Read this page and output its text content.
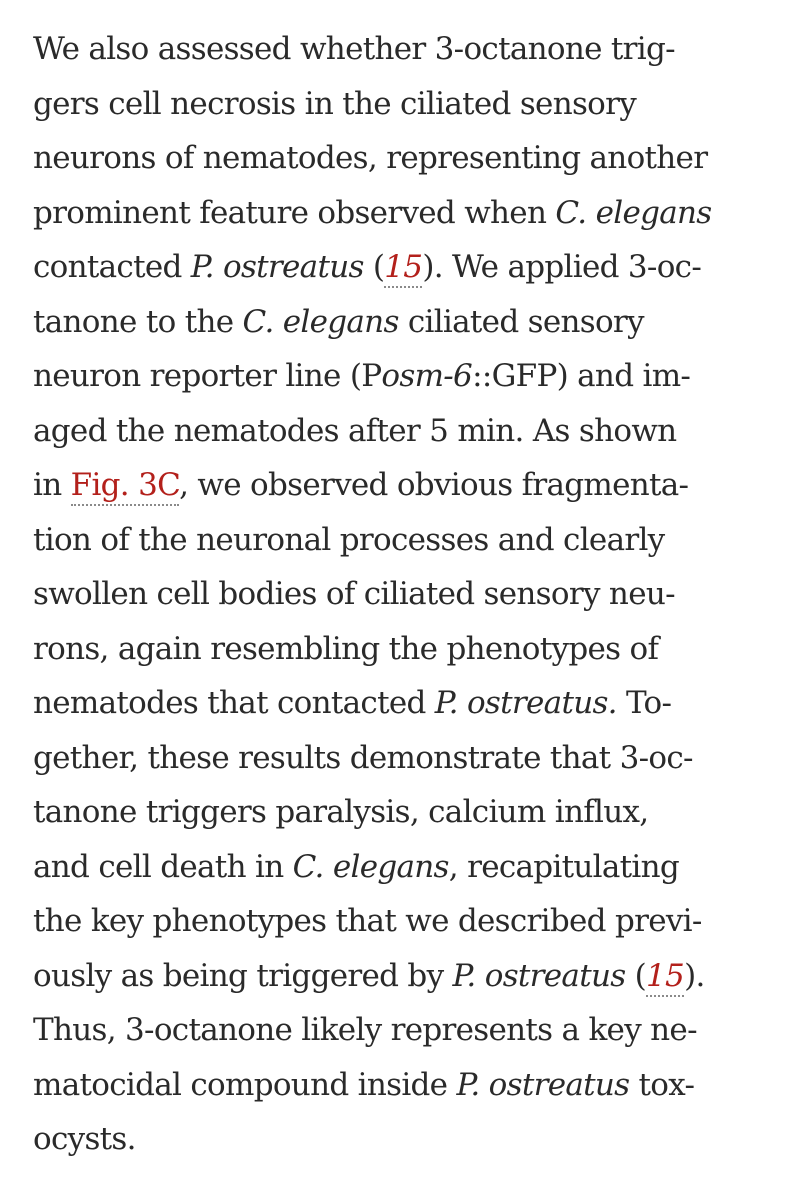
We also assessed whether 3-octanone trig-
gers cell necrosis in the ciliated sensory
neurons of nematodes, representing another
prominent feature observed when C. elegans
contacted P. ostreatus (15). We applied 3-oc-
tanone to the C. elegans ciliated sensory
neuron reporter line (Posm-6::GFP) and im-
aged the nematodes after 5 min. As shown
in Fig. 3C, we observed obvious fragmenta-
tion of the neuronal processes and clearly
swollen cell bodies of ciliated sensory neu-
rons, again resembling the phenotypes of
nematodes that contacted P. ostreatus. To-
gether, these results demonstrate that 3-oc-
tanone triggers paralysis, calcium influx,
and cell death in C. elegans, recapitulating
the key phenotypes that we described previ-
ously as being triggered by P. ostreatus (15).
Thus, 3-octanone likely represents a key ne-
matocidal compound inside P. ostreatus tox-
ocysts.
